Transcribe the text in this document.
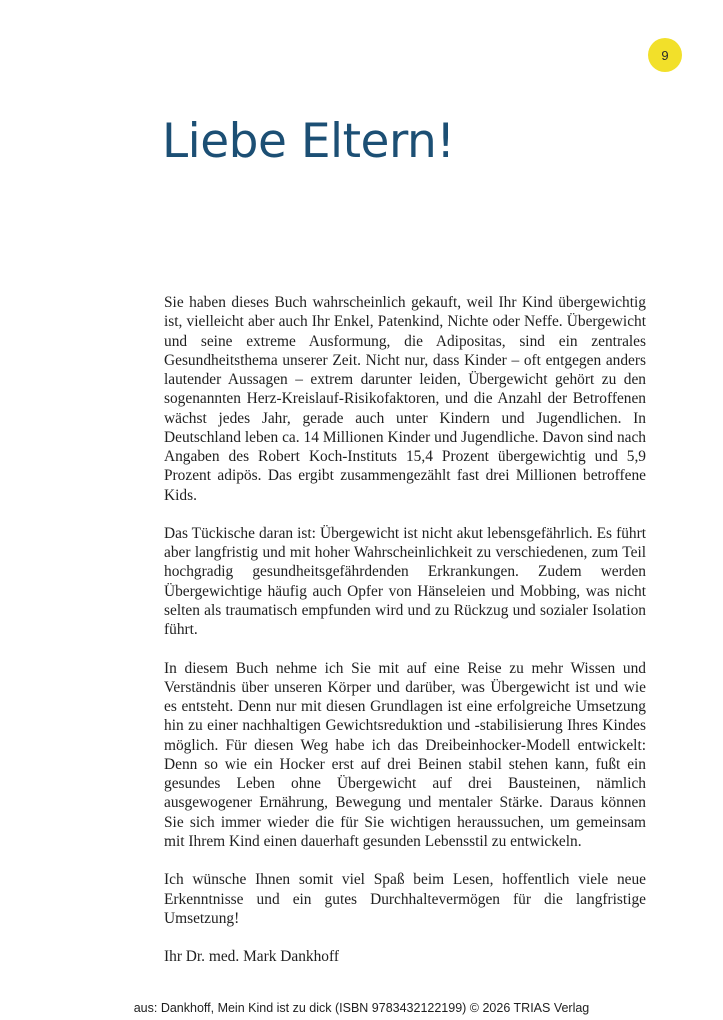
9
Liebe Eltern!

Sie haben dieses Buch wahrscheinlich gekauft, weil Ihr Kind übergewichtig ist, vielleicht aber auch Ihr Enkel, Patenkind, Nichte oder Neffe. Übergewicht und seine extreme Ausformung, die Adipositas, sind ein zentrales Gesundheitsthema unserer Zeit. Nicht nur, dass Kinder – oft entgegen anders lautender Aussagen – extrem darunter leiden, Übergewicht gehört zu den sogenannten Herz-Kreislauf-Risikofaktoren, und die Anzahl der Betroffenen wächst jedes Jahr, gerade auch unter Kindern und Jugendlichen. In Deutschland leben ca. 14 Millionen Kinder und Jugendliche. Davon sind nach Angaben des Robert Koch-Instituts 15,4 Prozent übergewichtig und 5,9 Prozent adipös. Das ergibt zusammengezählt fast drei Millionen betroffene Kids.

Das Tückische daran ist: Übergewicht ist nicht akut lebensgefährlich. Es führt aber langfristig und mit hoher Wahrscheinlichkeit zu verschiedenen, zum Teil hochgradig gesundheitsgefährdenden Erkrankungen. Zudem werden Übergewichtige häufig auch Opfer von Hänseleien und Mobbing, was nicht selten als traumatisch empfunden wird und zu Rückzug und sozialer Isolation führt.

In diesem Buch nehme ich Sie mit auf eine Reise zu mehr Wissen und Verständnis über unseren Körper und darüber, was Übergewicht ist und wie es entsteht. Denn nur mit diesen Grundlagen ist eine erfolgreiche Umsetzung hin zu einer nachhaltigen Gewichtsreduktion und -stabilisierung Ihres Kindes möglich. Für diesen Weg habe ich das Dreibeinhocker-Modell entwickelt: Denn so wie ein Hocker erst auf drei Beinen stabil stehen kann, fußt ein gesundes Leben ohne Übergewicht auf drei Bausteinen, nämlich ausgewogener Ernährung, Bewegung und mentaler Stärke. Daraus können Sie sich immer wieder die für Sie wichtigen heraussuchen, um gemeinsam mit Ihrem Kind einen dauerhaft gesunden Lebensstil zu entwickeln.

Ich wünsche Ihnen somit viel Spaß beim Lesen, hoffentlich viele neue Erkenntnisse und ein gutes Durchhaltevermögen für die langfristige Umsetzung!

Ihr Dr. med. Mark Dankhoff

aus: Dankhoff, Mein Kind ist zu dick (ISBN 9783432122199) © 2026 TRIAS Verlag
